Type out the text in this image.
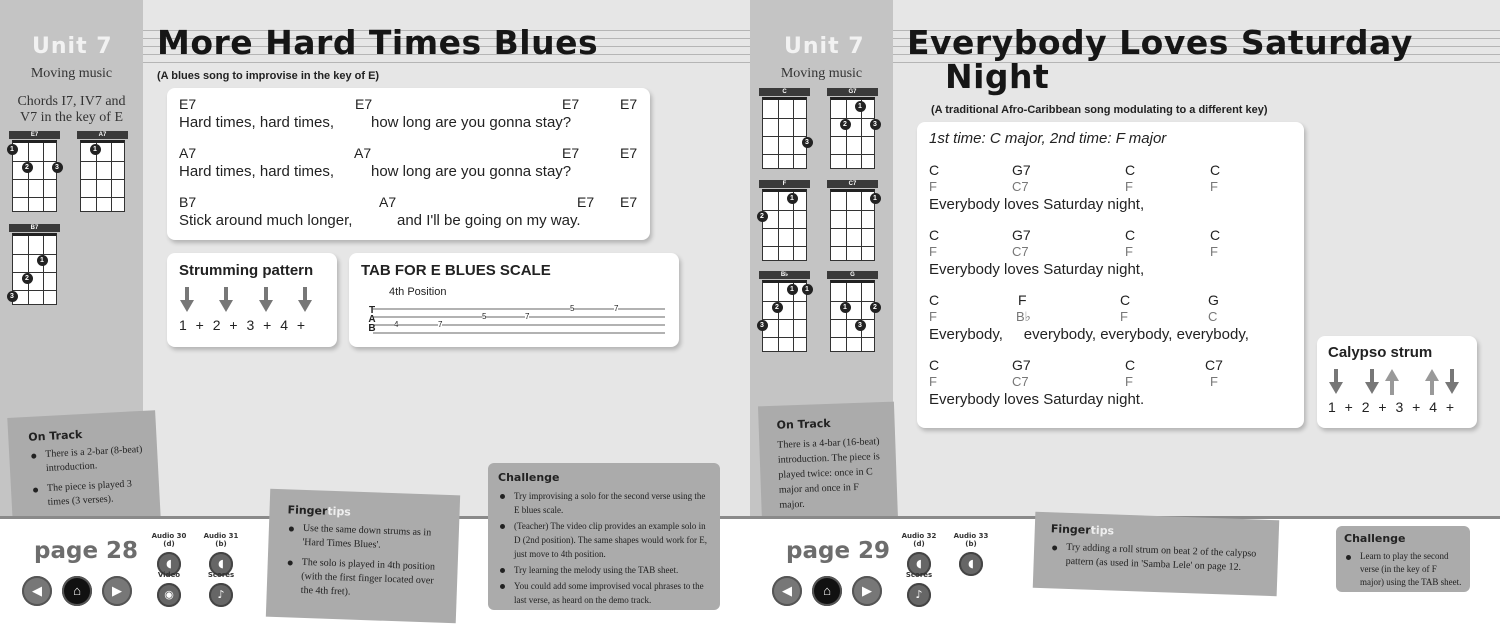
Unit 7
Moving music
Chords I7, IV7 and V7 in the key of E
E7
1
2	3
A7
1
B7
1
2
3
More Hard Times Blues
(A blues song to improvise in the key of E)
E7	E7	E7	E7
Hard times, hard times, how long are you gonna stay?
A7	A7	E7	E7
Hard times, hard times, how long are you gonna stay?
B7	A7	E7 E7
Stick around much longer,	and I'll be going on my way.
Strumming pattern

1 + 2 + 3 + 4 +
TAB FOR E BLUES SCALE
4th Position
T
A
B 4	7
5	7
5	7
On Track
There is a 2-bar (8-beat) introduction.
The piece is played 3 times (3 verses).
Unit 7
Moving music
C
3
G7
1
2	3
F
1
2
C7
1
B♭
1	1
2
3
G
1	2
3
Everybody Loves Saturday
Night
(A traditional Afro-Caribbean song modulating to a different key)
1st time: C major, 2nd time: F major
C	G7	C	C
F	C7	F	F
Everybody loves Saturday night,
C	G7	C	C
F	C7	F	F
Everybody loves Saturday night,
C	F	C	G
F	B♭	F	C
Everybody,     everybody, everybody, everybody,
C	G7	C	C7
F	C7	F	F
Everybody loves Saturday night.
Calypso strum

1 + 2 + 3 + 4 +
On Track
There is a 4-bar (16-beat) introduction. The piece is played twice: once in C major and once in F major.
page 28
◀	⌂	▶
Audio 30 (d)
◖
Audio 31 (b)
◖
Video
◉
Scores
♪
Fingertips
Use the same down strums as in 'Hard Times Blues'.
The solo is played in 4th position (with the first finger located over the 4th fret).
Challenge
Try improvising a solo for the second verse using the E blues scale.
(Teacher) The video clip provides an example solo in D (2nd position). The same shapes would work for E, just move to 4th position.
Try learning the melody using the TAB sheet.
You could add some improvised vocal phrases to the last verse, as heard on the demo track.
page 29
◀	⌂	▶
Audio 32 (d)
◖
Audio 33 (b)
◖
Scores
♪
Fingertips
Try adding a roll strum on beat 2 of the calypso pattern (as used in 'Samba Lele' on page 12.
Challenge
Learn to play the second verse (in the key of F major) using the TAB sheet.
